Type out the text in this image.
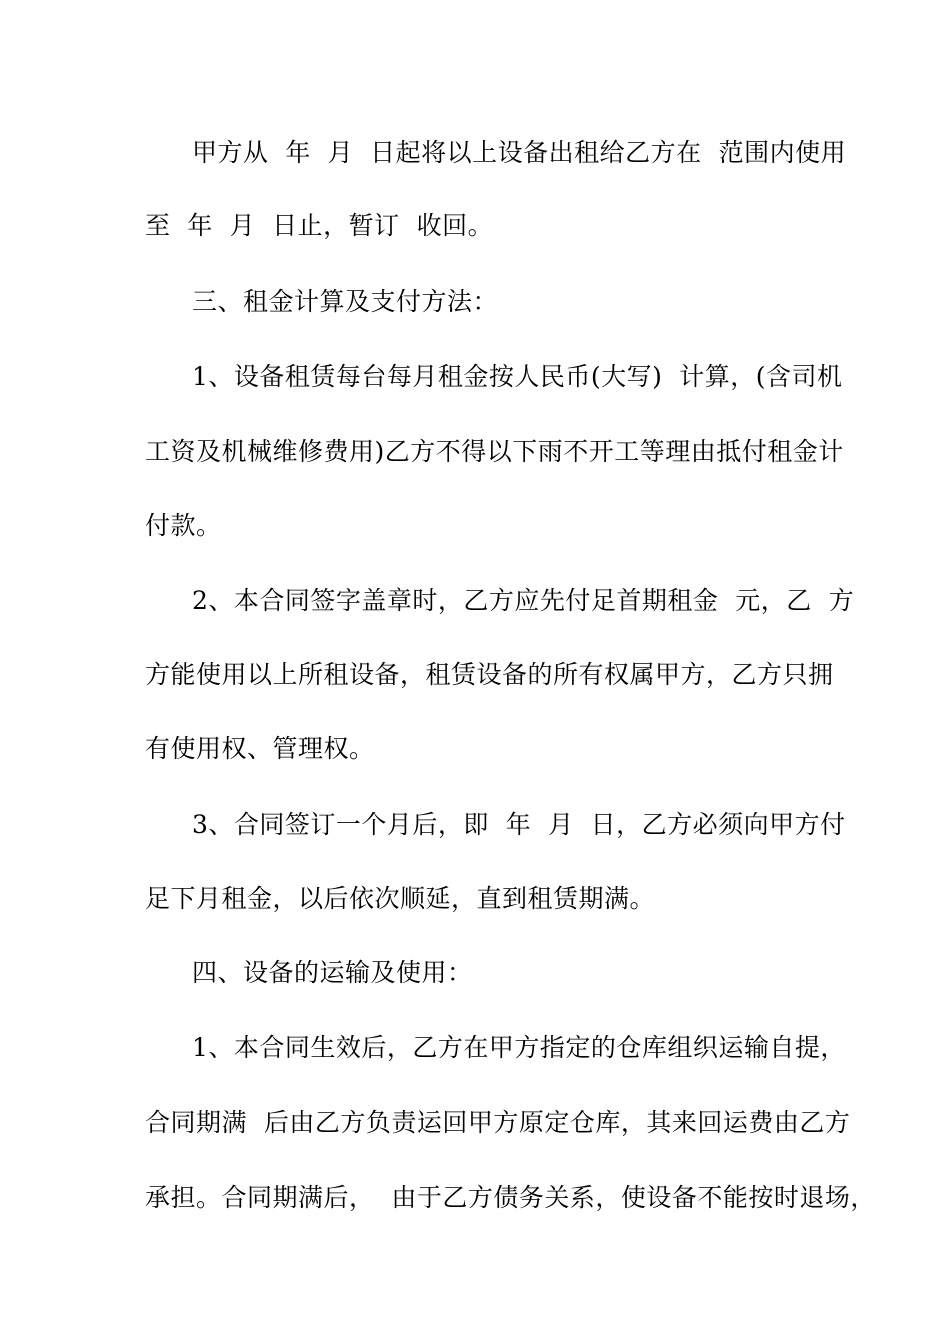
甲方从  年  月  日起将以上设备出租给乙方在  范围内使用
至  年  月  日止，暂订  收回。
三、租金计算及支付方法：
1、设备租赁每台每月租金按人民币(大写)  计算，(含司机
工资及机械维修费用)乙方不得以下雨不开工等理由抵付租金计
付款。
2、本合同签字盖章时，乙方应先付足首期租金  元，乙  方
方能使用以上所租设备，租赁设备的所有权属甲方，乙方只拥
有使用权、管理权。
3、合同签订一个月后，即  年  月  日，乙方必须向甲方付
足下月租金，以后依次顺延，直到租赁期满。
四、设备的运输及使用：
1、本合同生效后，乙方在甲方指定的仓库组织运输自提，
合同期满  后由乙方负责运回甲方原定仓库，其来回运费由乙方
承担。合同期满后，  由于乙方债务关系，使设备不能按时退场，
